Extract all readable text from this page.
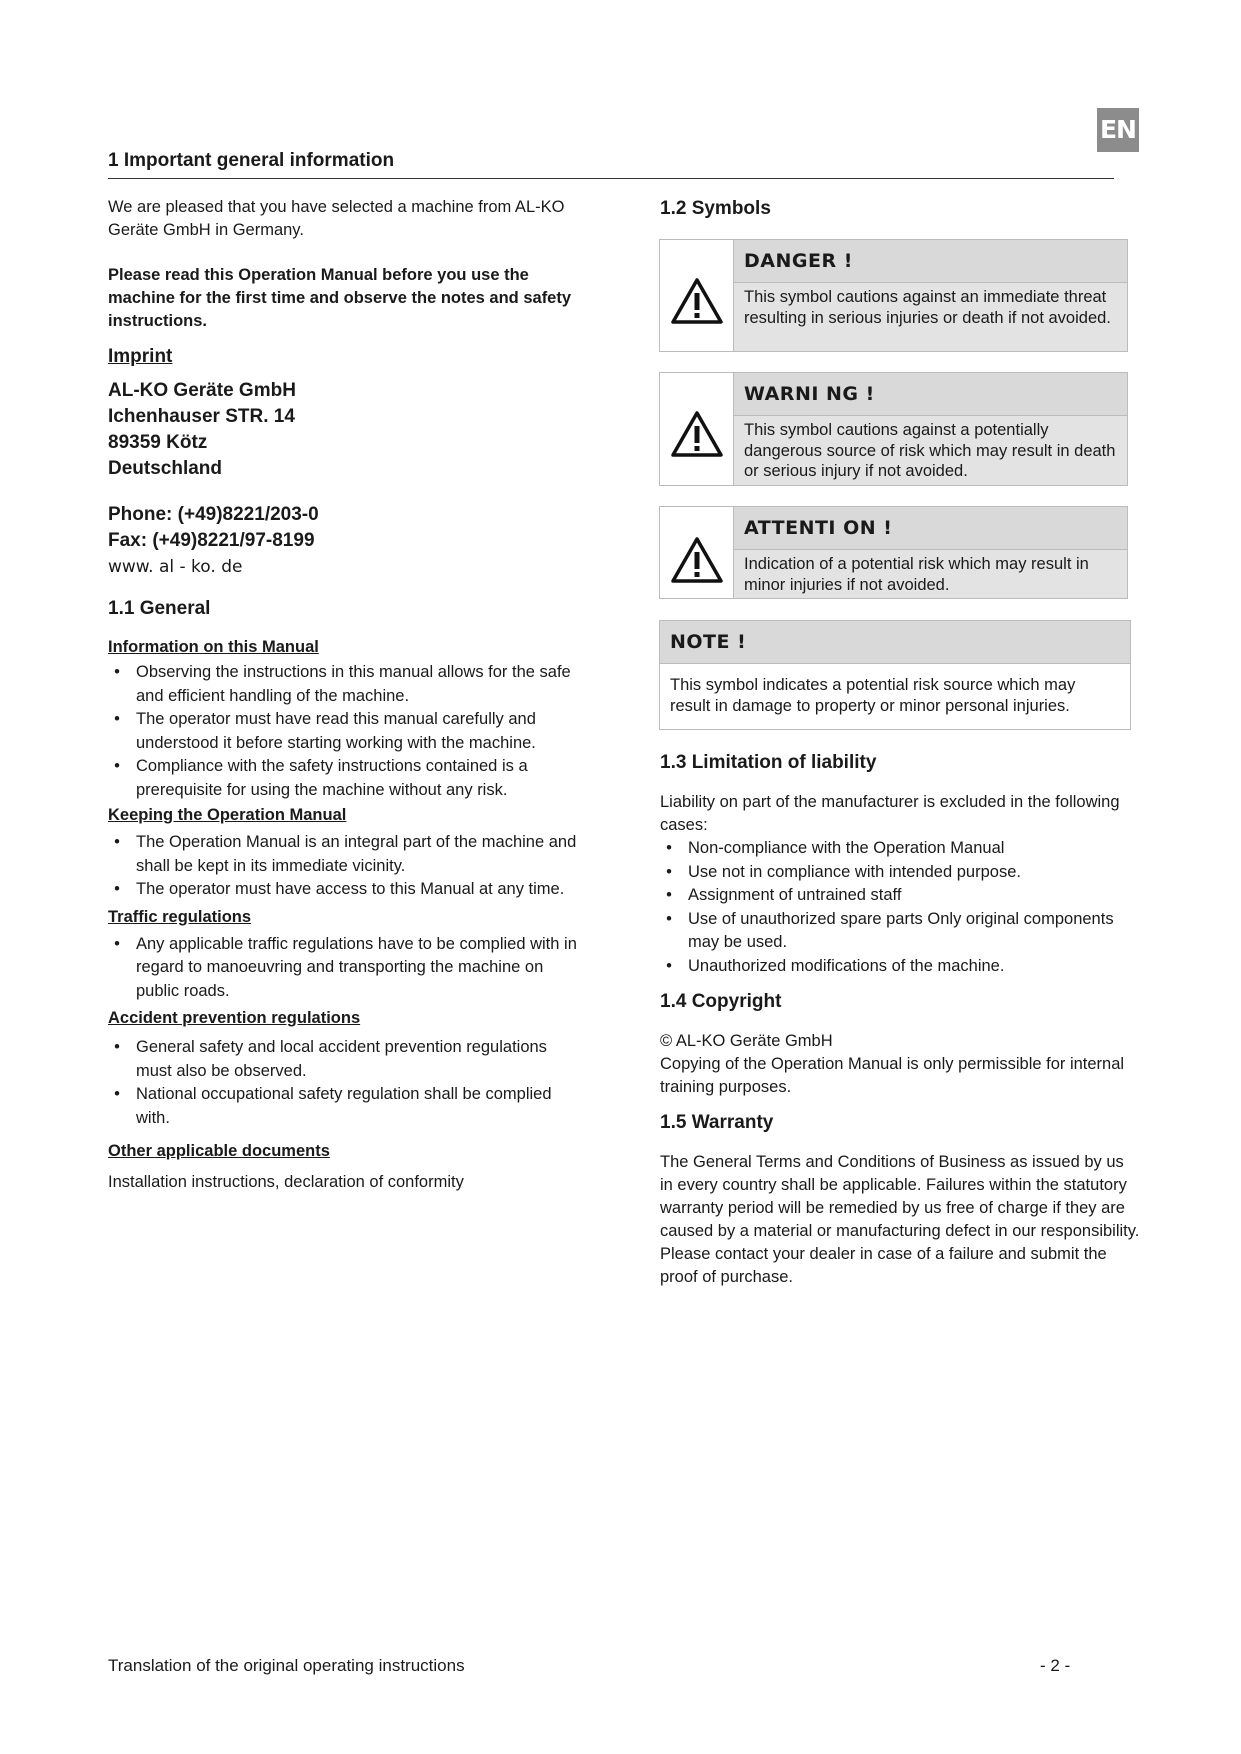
EN
1 Important general information

We are pleased that you have selected a machine from AL-KO Geräte GmbH in Germany.

Please read this Operation Manual before you use the machine for the first time and observe the notes and safety instructions.

Imprint

AL-KO Geräte GmbH

Ichenhauser STR. 14

89359 Kötz

Deutschland

Phone: (+49)8221/203-0

Fax: (+49)8221/97-8199

www. al - ko. de

1.1 General

Information on this Manual

• Observing the instructions in this manual allows for the safe and efficient handling of the machine.
• The operator must have read this manual carefully and understood it before starting working with the machine.
• Compliance with the safety instructions contained is a prerequisite for using the machine without any risk.

Keeping the Operation Manual

• The Operation Manual is an integral part of the machine and shall be kept in its immediate vicinity.
• The operator must have access to this Manual at any time.

Traffic regulations

• Any applicable traffic regulations have to be complied with in regard to manoeuvring and transporting the machine on public roads.

Accident prevention regulations

• General safety and local accident prevention regulations must also be observed.
• National occupational safety regulation shall be complied with.

Other applicable documents

Installation instructions, declaration of conformity

1.2 Symbols
DANGER !
This symbol cautions against an immediate threat resulting in serious injuries or death if not avoided.
WARNI NG !
This symbol cautions against a potentially dangerous source of risk which may result in death or serious injury if not avoided.
ATTENTI ON !
Indication of a potential risk which may result in minor injuries if not avoided.
NOTE !
This symbol indicates a potential risk source which may result in damage to property or minor personal injuries.

1.3 Limitation of liability

Liability on part of the manufacturer is excluded in the following cases:

• Non-compliance with the Operation Manual
• Use not in compliance with intended purpose.
• Assignment of untrained staff
• Use of unauthorized spare parts Only original components may be used.
• Unauthorized modifications of the machine.

1.4 Copyright

© AL-KO Geräte GmbH

Copying of the Operation Manual is only permissible for internal training purposes.

1.5 Warranty

The General Terms and Conditions of Business as issued by us in every country shall be applicable. Failures within the statutory warranty period will be remedied by us free of charge if they are caused by a material or manufacturing defect in our responsibility. Please contact your dealer in case of a failure and submit the proof of purchase.

Translation of the original operating instructions	- 2 -
